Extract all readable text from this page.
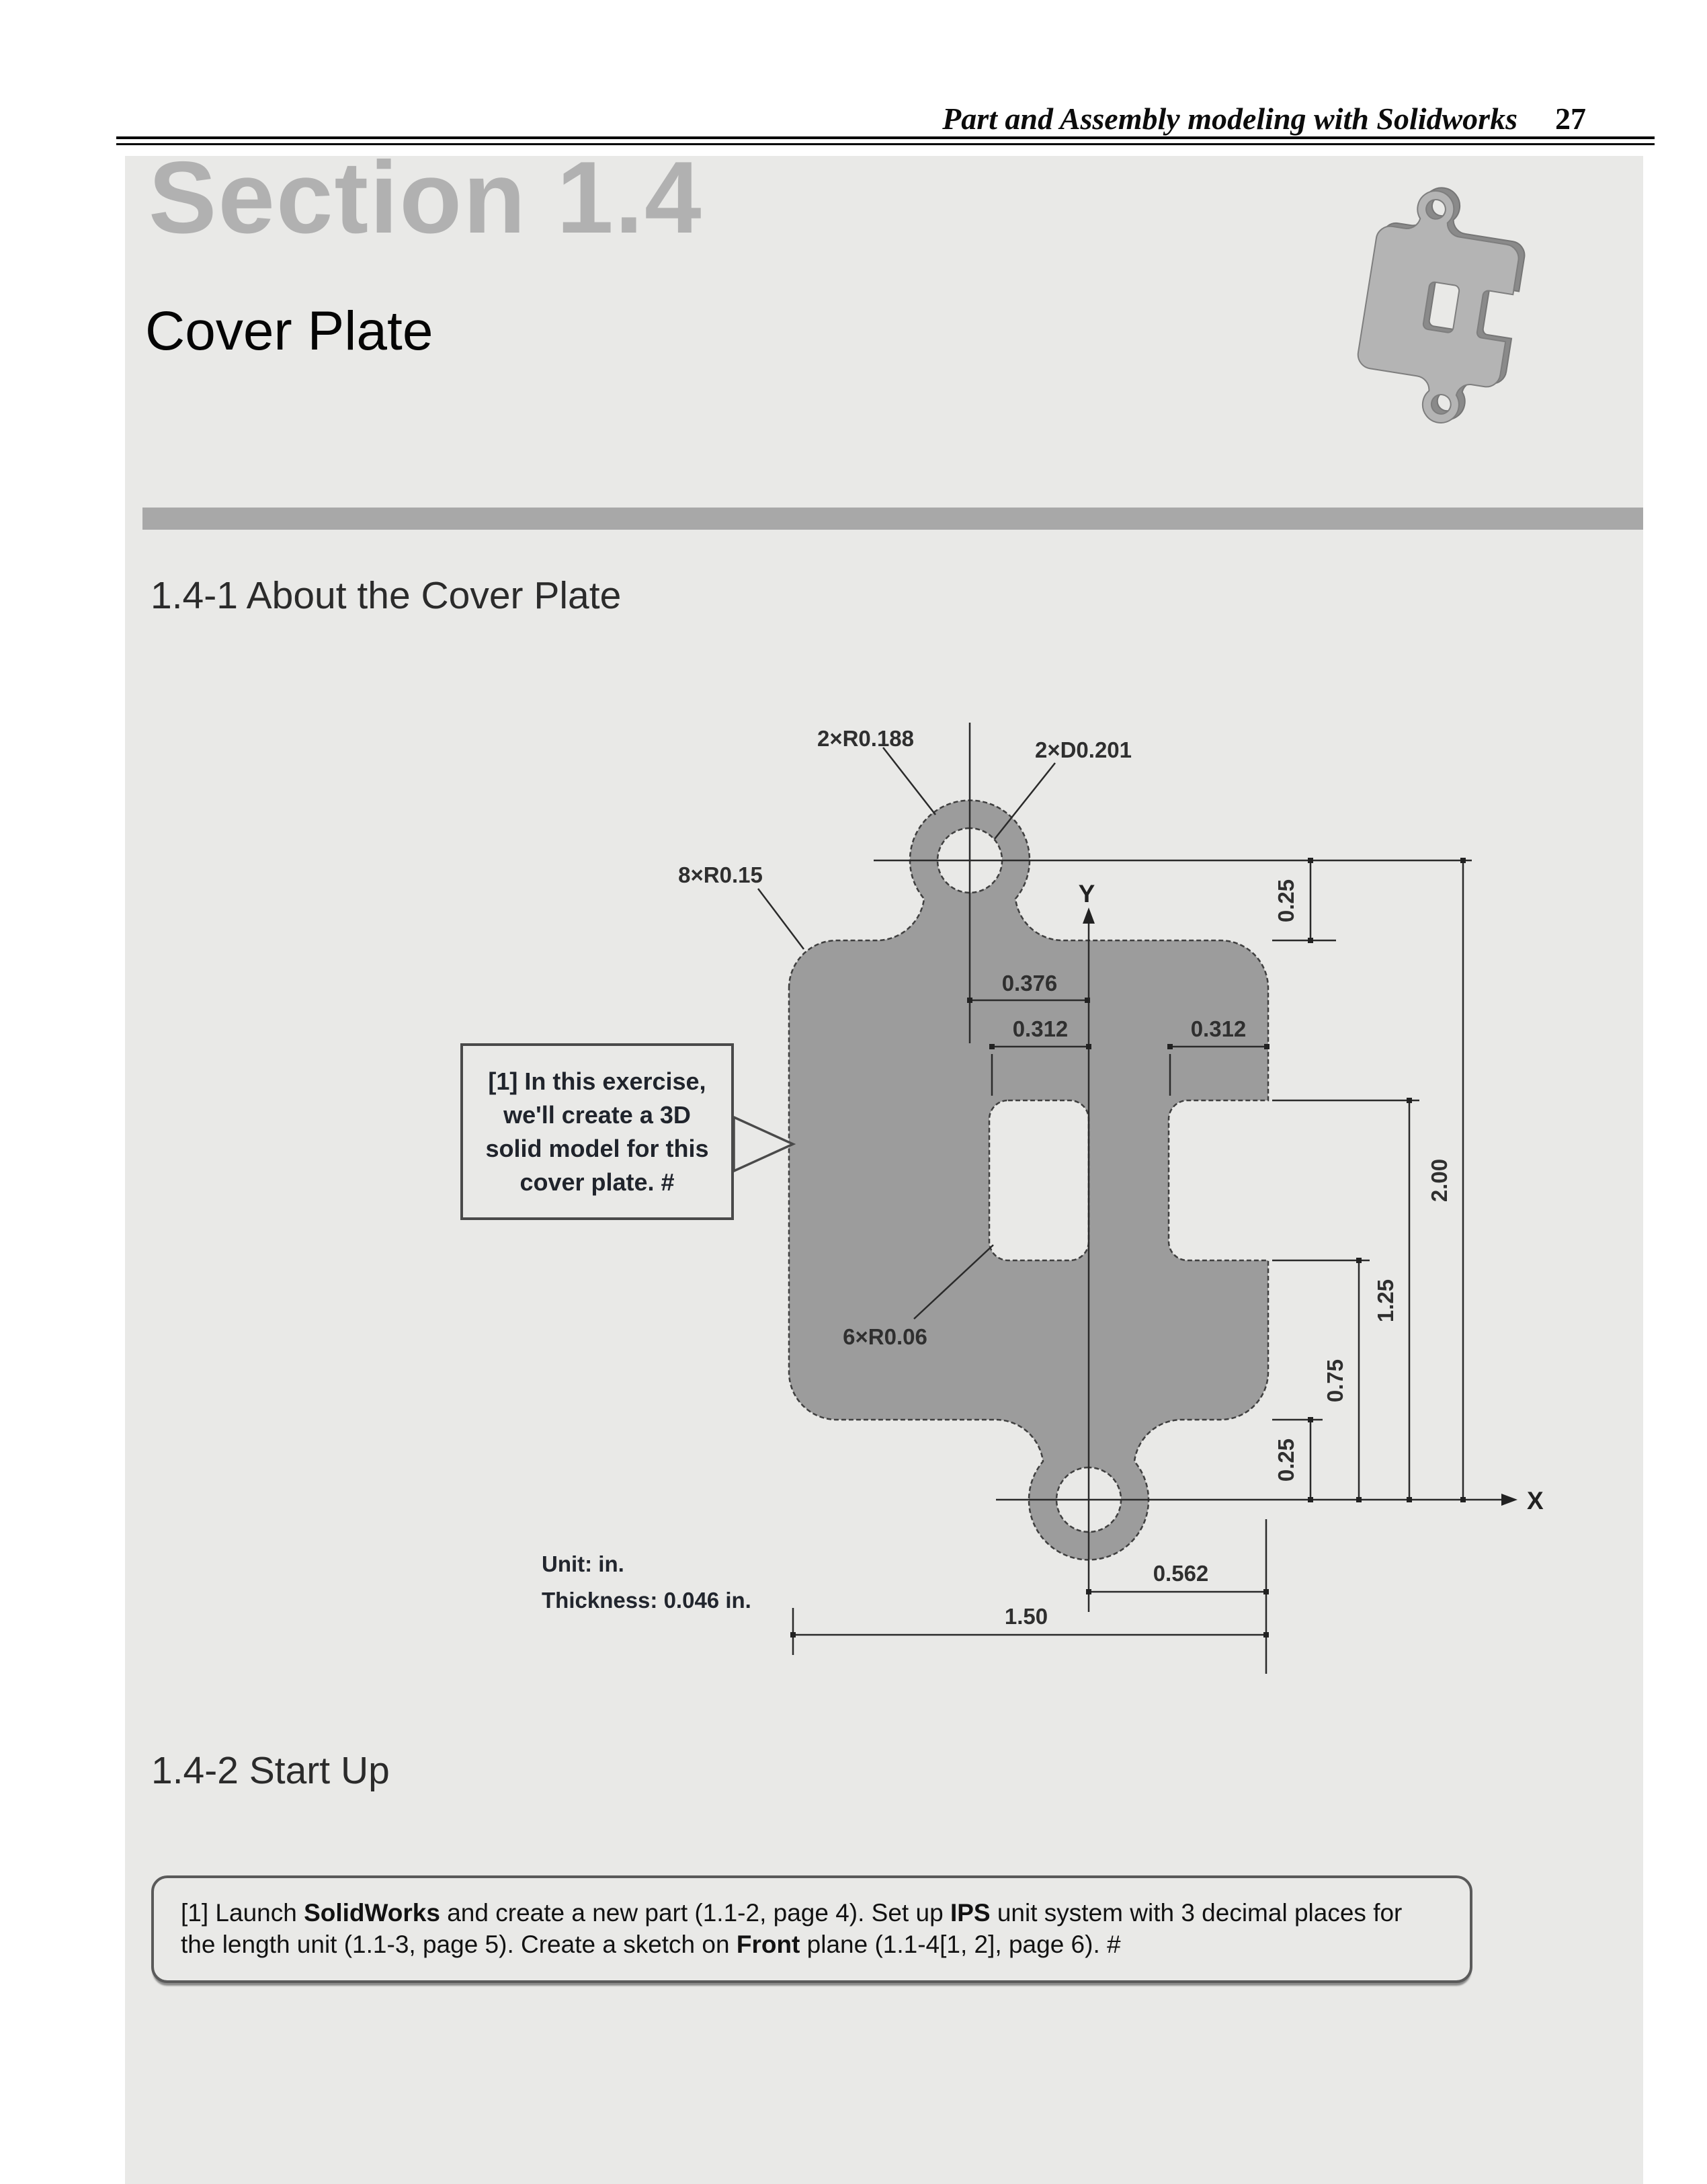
Part and Assembly modeling with Solidworks 27
Section 1.4
Cover Plate
1.4-1 About the Cover Plate
[1] In this exercise,
we'll create a 3D
solid model for this
cover plate. #
Unit: in.
Thickness: 0.046 in.
2×R0.188	2×D0.201
8×R0.15
6×R0.06
0.376
0.312	0.312
0.562
1.50
0.25
2.00
1.25
0.75
0.25
Y
X
1.4-2 Start Up
[1] Launch SolidWorks and create a new part (1.1-2, page 4). Set up IPS unit system with 3 decimal places for the length unit (1.1-3, page 5). Create a sketch on Front plane (1.1-4[1, 2], page 6). #
